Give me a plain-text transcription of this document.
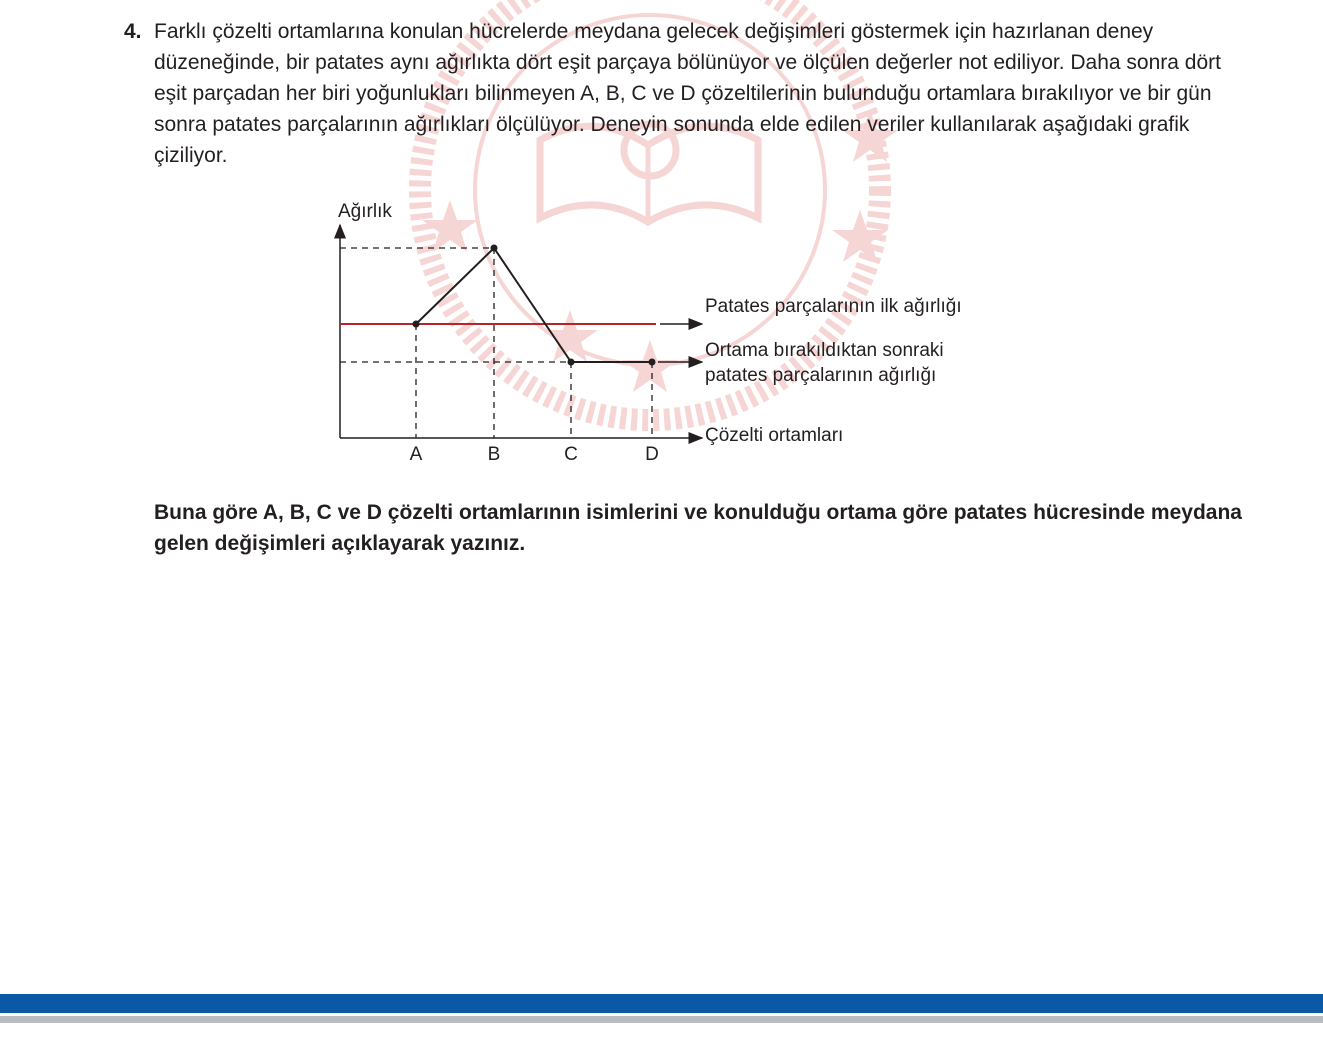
4. Farklı çözelti ortamlarına konulan hücrelerde meydana gelecek değişimleri göstermek için hazırlanan deney düzeneğinde, bir patates aynı ağırlıkta dört eşit parçaya bölünüyor ve ölçülen değerler not ediliyor. Daha sonra dört eşit parçadan her biri yoğunlukları bilinmeyen A, B, C ve D çözeltilerinin bulunduğu ortamlara bırakılıyor ve bir gün sonra patates parçalarının ağırlıkları ölçülüyor. Deneyin sonunda elde edilen veriler kullanılarak aşağıdaki grafik çiziliyor.
Ağırlık
Çözelti ortamları
Patates parçalarının ilk ağırlığı
A	B	C	D
Ortama bırakıldıktan sonraki
patates parçalarının ağırlığı
Buna göre A, B, C ve D çözelti ortamlarının isimlerini ve konulduğu ortama göre patates hücresinde meydana gelen değişimleri açıklayarak yazınız.
